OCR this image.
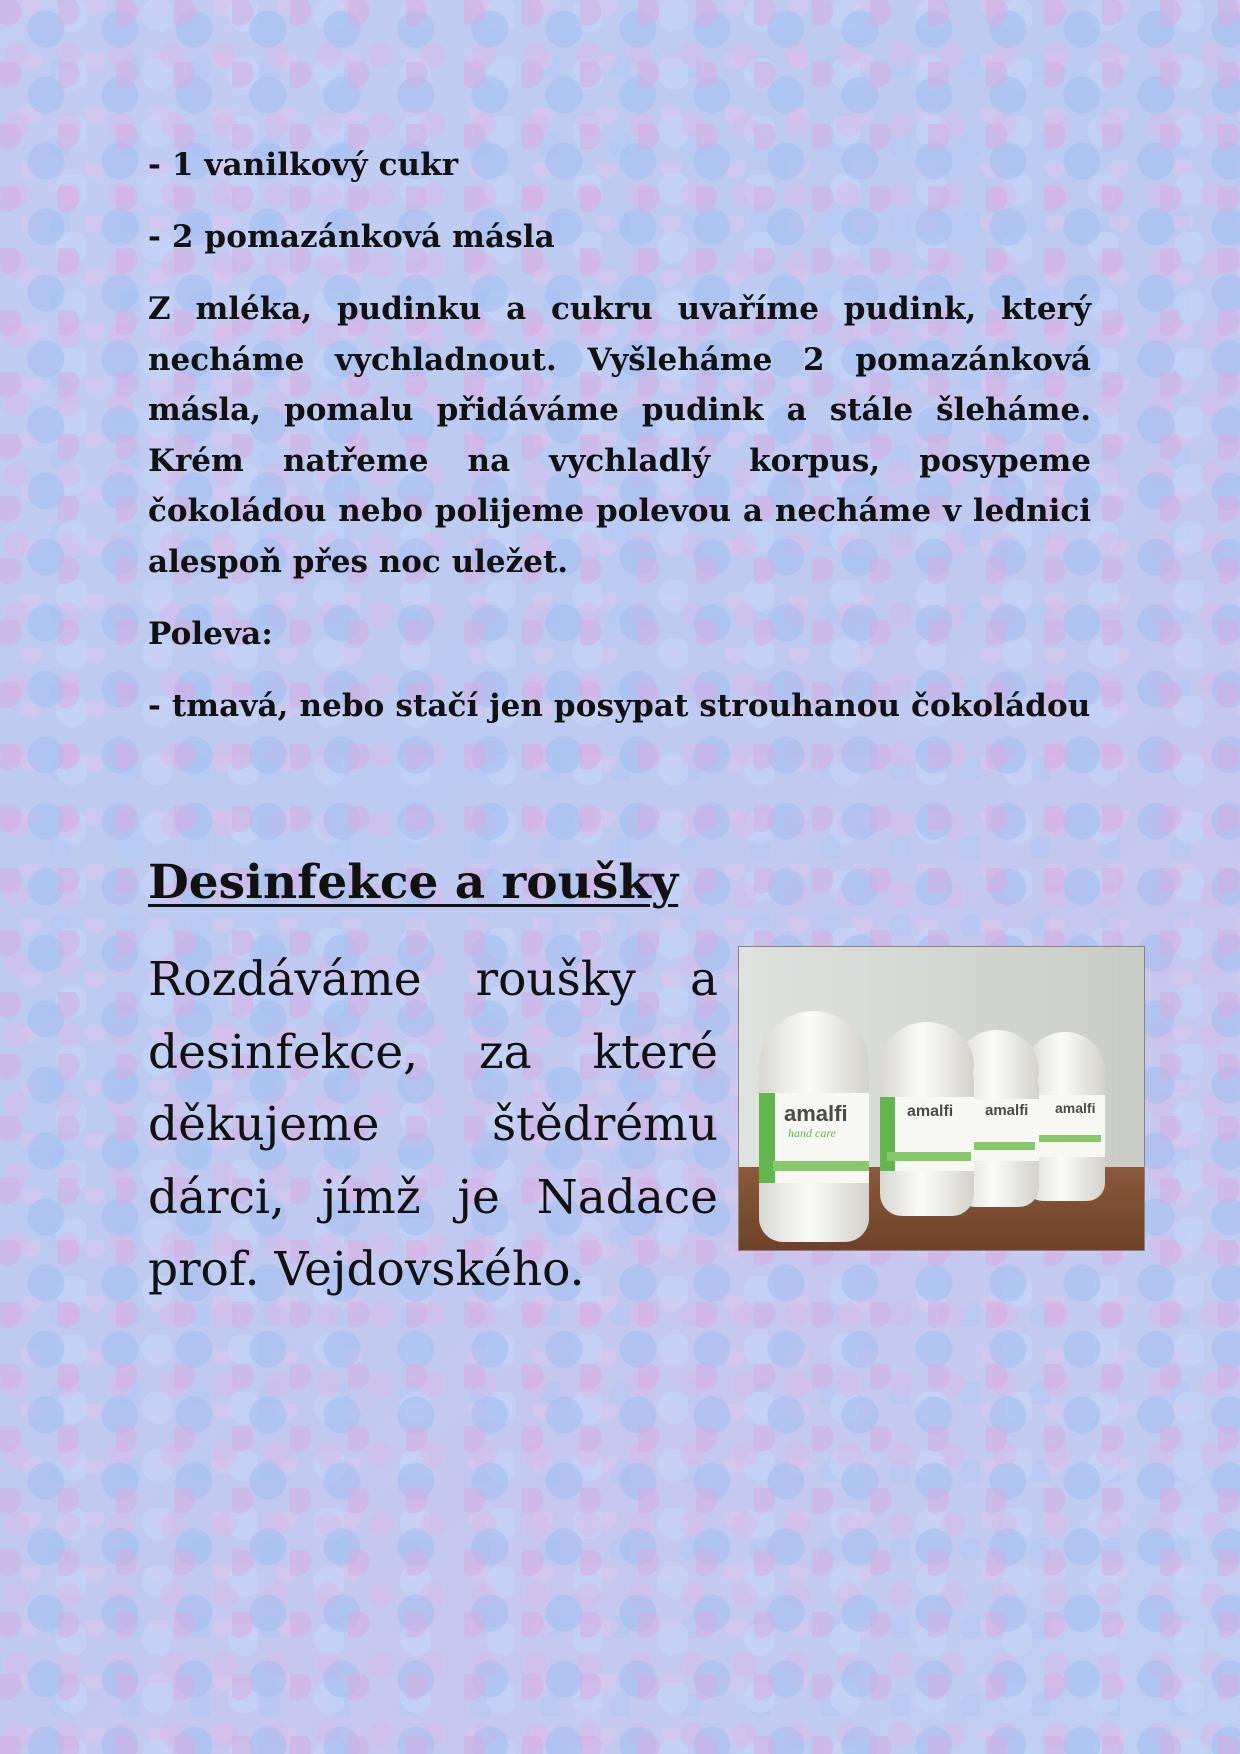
- 1 vanilkový cukr

- 2 pomazánková másla

Z mléka, pudinku a cukru uvaříme pudink, který necháme vychladnout. Vyšleháme 2 pomazánková másla, pomalu přidáváme pudink a stále šleháme. Krém natřeme na vychladlý korpus, posypeme čokoládou nebo polijeme polevou a necháme v lednici alespoň přes noc uležet.

Poleva:

- tmavá, nebo stačí jen posypat strouhanou čokoládou

Desinfekce a roušky

Rozdáváme roušky a desinfekce, za které děkujeme štědrému dárci, jímž je Nadace prof. Vejdovského.

amalfi
amalfi
amalfi
amalfi
hand care
